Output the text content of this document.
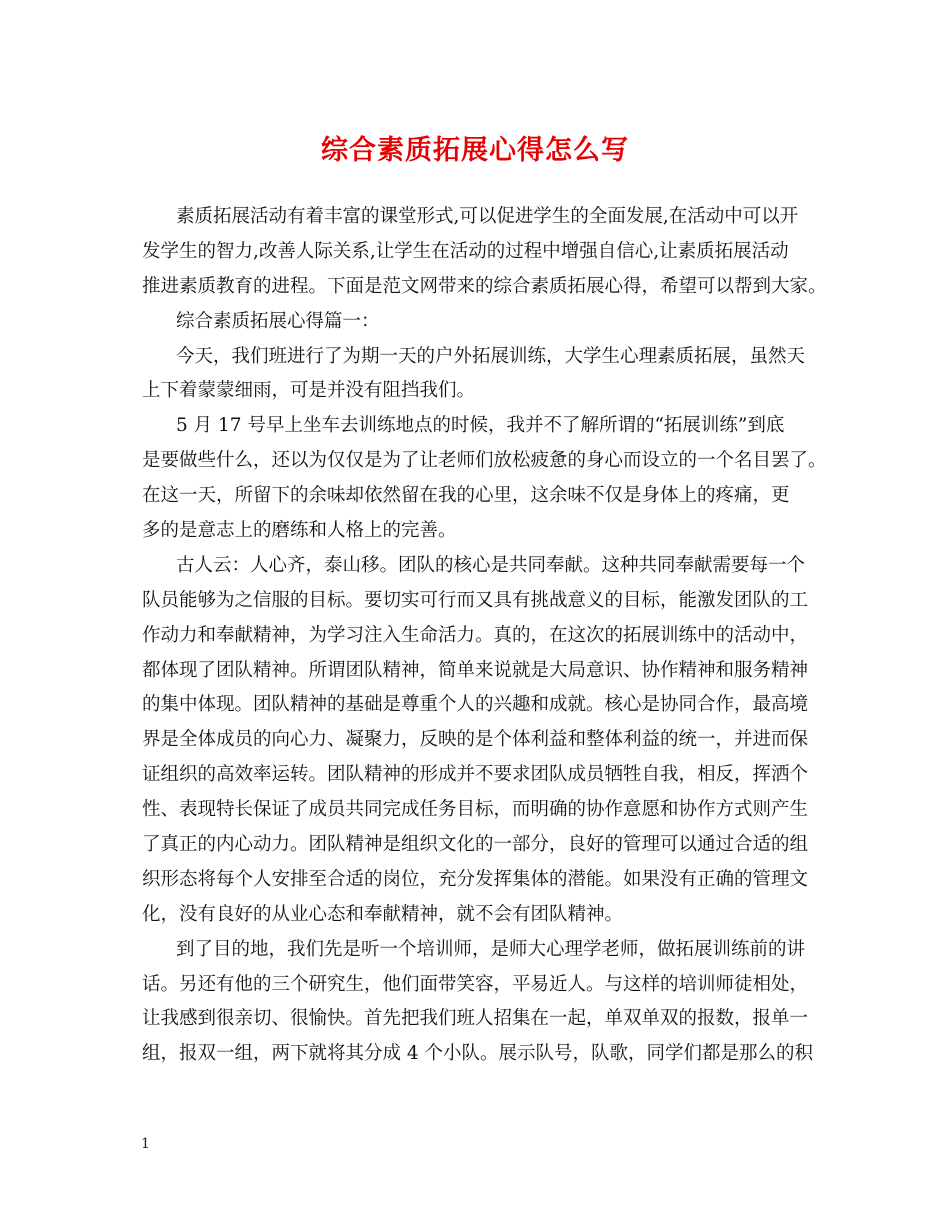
综合素质拓展心得怎么写
素质拓展活动有着丰富的课堂形式,可以促进学生的全面发展,在活动中可以开
发学生的智力,改善人际关系,让学生在活动的过程中增强自信心,让素质拓展活动
推进素质教育的进程。下面是范文网带来的综合素质拓展心得，希望可以帮到大家。
综合素质拓展心得篇一：
今天，我们班进行了为期一天的户外拓展训练，大学生心理素质拓展，虽然天
上下着蒙蒙细雨，可是并没有阻挡我们。
5 月 17 号早上坐车去训练地点的时候，我并不了解所谓的“拓展训练”到底
是要做些什么，还以为仅仅是为了让老师们放松疲惫的身心而设立的一个名目罢了。
在这一天，所留下的余味却依然留在我的心里，这余味不仅是身体上的疼痛，更
多的是意志上的磨练和人格上的完善。
古人云：人心齐，泰山移。团队的核心是共同奉献。这种共同奉献需要每一个
队员能够为之信服的目标。要切实可行而又具有挑战意义的目标，能激发团队的工
作动力和奉献精神，为学习注入生命活力。真的，在这次的拓展训练中的活动中，
都体现了团队精神。所谓团队精神，简单来说就是大局意识、协作精神和服务精神
的集中体现。团队精神的基础是尊重个人的兴趣和成就。核心是协同合作，最高境
界是全体成员的向心力、凝聚力，反映的是个体利益和整体利益的统一，并进而保
证组织的高效率运转。团队精神的形成并不要求团队成员牺牲自我，相反，挥洒个
性、表现特长保证了成员共同完成任务目标，而明确的协作意愿和协作方式则产生
了真正的内心动力。团队精神是组织文化的一部分，良好的管理可以通过合适的组
织形态将每个人安排至合适的岗位，充分发挥集体的潜能。如果没有正确的管理文
化，没有良好的从业心态和奉献精神，就不会有团队精神。
到了目的地，我们先是听一个培训师，是师大心理学老师，做拓展训练前的讲
话。另还有他的三个研究生，他们面带笑容，平易近人。与这样的培训师徒相处，
让我感到很亲切、很愉快。首先把我们班人招集在一起，单双单双的报数，报单一
组，报双一组，两下就将其分成 4 个小队。展示队号，队歌，同学们都是那么的积
1
